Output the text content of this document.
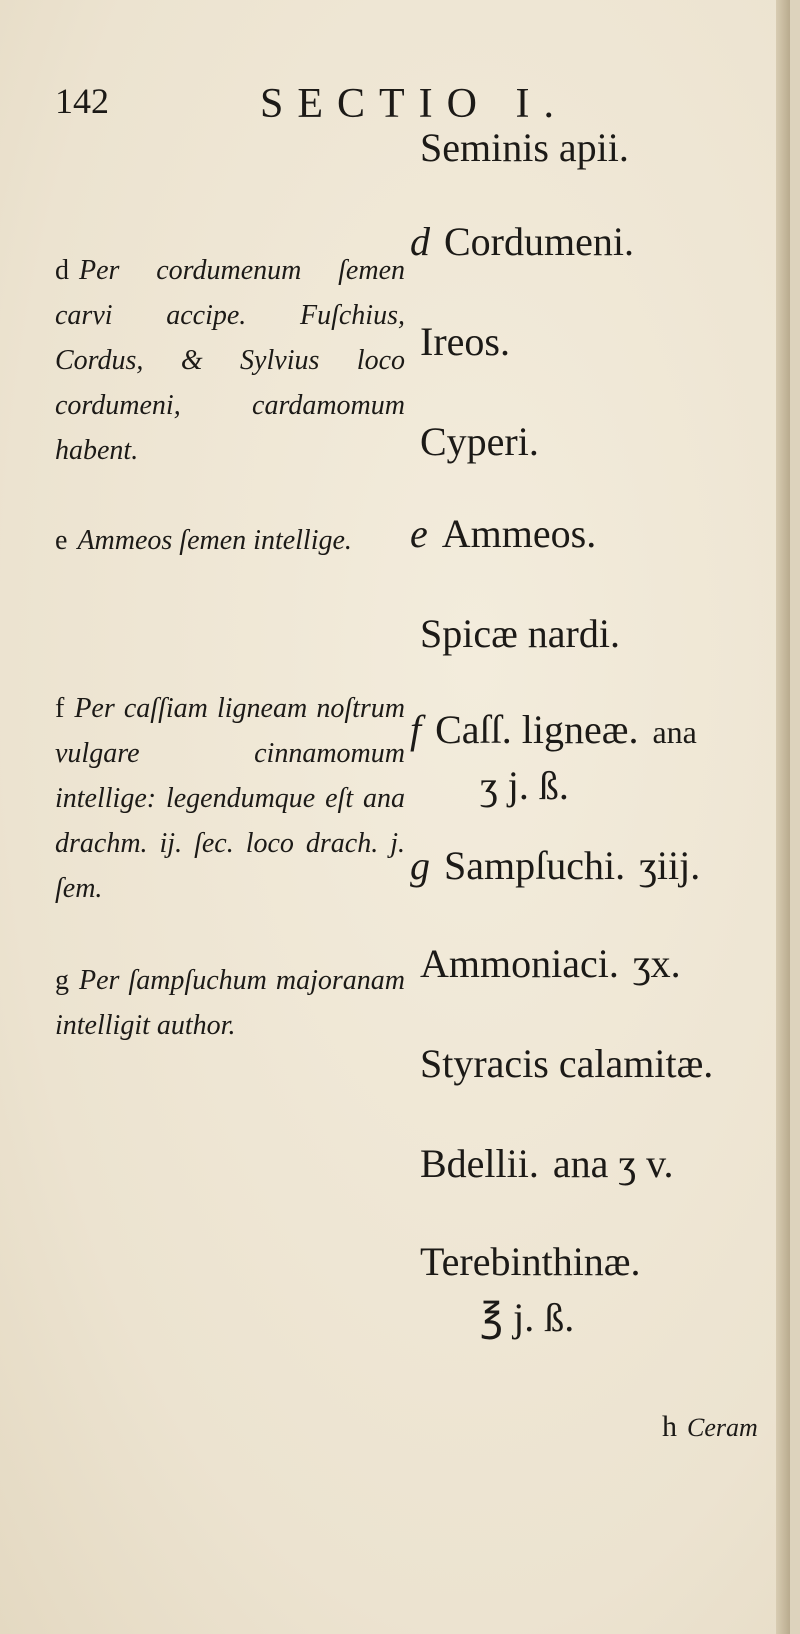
142	SECTIO I.
d Per cordumenum ſemen carvi accipe. Fuſchius, Cordus, & Sylvius loco cordumeni, cardamomum habent.
e Ammeos ſemen intellige.
f Per caſſiam ligneam noſtrum vulgare cinnamomum intellige: legendumque eſt ana drachm. ij. ſec. loco drach. j. ſem.
g Per ſampſuchum majoranam intelligit author.
Seminis apii.
d Cordumeni.
Ireos.
Cyperi.
e Ammeos.
Spicæ nardi.
f Caſſ. ligneæ. ana
ʒ j. ß.
g Sampſuchi. ʒiij.
Ammoniaci. ʒx.
Styracis calamitæ.
Bdellii. ana ʒ v.
Terebinthinæ.
℥ j. ß.
h Ceram
